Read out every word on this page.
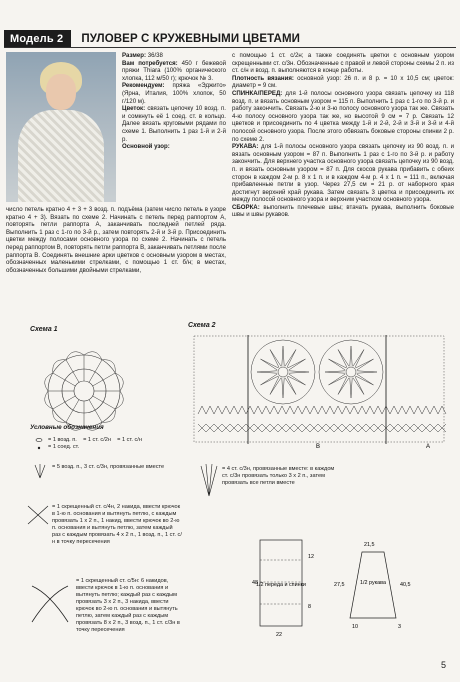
Модель 2	ПУЛОВЕР С КРУЖЕВНЫМИ ЦВЕТАМИ
Размер: 36/38
Вам потребуется: 450 г бежевой пряжи Thiara (100% органического хлопка, 112 м/50 г); крючок № 3.
Рекомендуем: пряжа «Эджито» (Ярна, Италия, 100% хлопок, 50 г/120 м).
Цветок: связать цепочку 10 возд. п. и сомкнуть её 1 соед. ст. в кольцо. Далее вязать круговыми рядами по схеме 1. Выполнить 1 раз 1-й и 2-й р.
Основной узор:
число петель кратно 4 + 3 + 3 возд. п. подъёма (затем число петель в узоре кратно 4 + 3). Вязать по схеме 2. Начинать с петель перед раппортом А, повторять петли раппорта А, заканчивать последней петлей ряда. Выполнить 1 раз с 1-го по 3-й р., затем повторять 2-й и 3-й р. Присоединить цветки между полосами основного узора по схеме 2. Начинать с петель перед раппортом В, повторять петли раппорта В, заканчивать петлями после раппорта В. Соединять внешние арки цветков с основным узором в местах, обозначенных маленькими стрелками, с помощью 1 ст. б/н; в местах, обозначенных большими двойными стрелками,
с помощью 1 ст. с/2н; а также соединять цветки с основным узором скрещенными ст. с/3н. Обозначенные с правой и левой стороны схемы 2 п. из ст. с/н и возд. п. выполняются в конце работы.
Плотность вязания: основной узор: 26 п. и 8 р. = 10 х 10,5 см; цветок: диаметр = 9 см.
СПИНКА/ПЕРЕД: для 1-й полосы основного узора связать цепочку из 118 возд. п. и вязать основным узором = 115 п. Выполнить 1 раз с 1-го по 3-й р. и работу закончить. Связать 2-ю и 3-ю полосу основного узора так же. Связать 4-ю полосу основного узора так же, но высотой 9 см = 7 р. Связать 12 цветков и присоединить по 4 цветка между 1-й и 2-й, 2-й и 3-й и 3-й и 4-й полосой основного узора. После этого обвязать боковые стороны спинки 2 р. по схеме 2.
РУКАВА: для 1-й полосы основного узора связать цепочку из 90 возд. п. и вязать основным узором = 87 п. Выполнить 1 раз с 1-го по 3-й р. и работу закончить. Для верхнего участка основного узора связать цепочку из 90 возд. п. и вязать основным узором = 87 п. Для скосов рукава прибавить с обеих сторон в каждом 2-м р. 8 х 1 п. и в каждом 4-м р. 4 х 1 п. = 111 п., включая прибавленные петли в узор. Через 27,5 см = 21 р. от наборного края достигнут верхний край рукава. Затем связать 3 цветка и присоединить их между полосой основного узора и верхним участком основного узора.
СБОРКА: выполнить плечевые швы; втачать рукава, выполнить боковые швы и швы рукавов.
Схема 1
Схема 2
B	A
Условные обозначения
= 1 возд. п. = 1 ст. с/2н = 1 ст. с/н
= 1 соед. ст.
= 5 возд. п., 3 ст. с/3н, провязанные вместе
= 1 скрещенный ст. с/4н, 2 накида, ввести крючок в 1-ю п. основания и вытянуть петлю, с каждым провязать 1 х 2 п., 1 накид, ввести крючок во 2-ю п. основания и вытянуть петлю, затем каждый раз с каждым провязать 4 х 2 п., 1 возд. п., 1 ст. с/н в точку пересечения
= 1 скрещенный ст. с/5н: 6 накидов, ввести крючок в 1-ю п. основания и вытянуть петлю; каждый раз с каждым провязать 3 х 2 п., 3 накида, ввести крючок во 2-ю п. основания и вытянуть петлю, затем каждый раз с каждым провязать 8 х 2 п., 3 возд. п., 1 ст. с/3н в точку пересечения
= 4 ст. с/3н, провязанные вместе: в каждом ст. с/3н провязать только 3 х 2 п., затем провязать все петли вместе
1/2 переда и спинки	1/2 рукава
48
22
12
8
21,5
27,5	40,5
10	3
5
